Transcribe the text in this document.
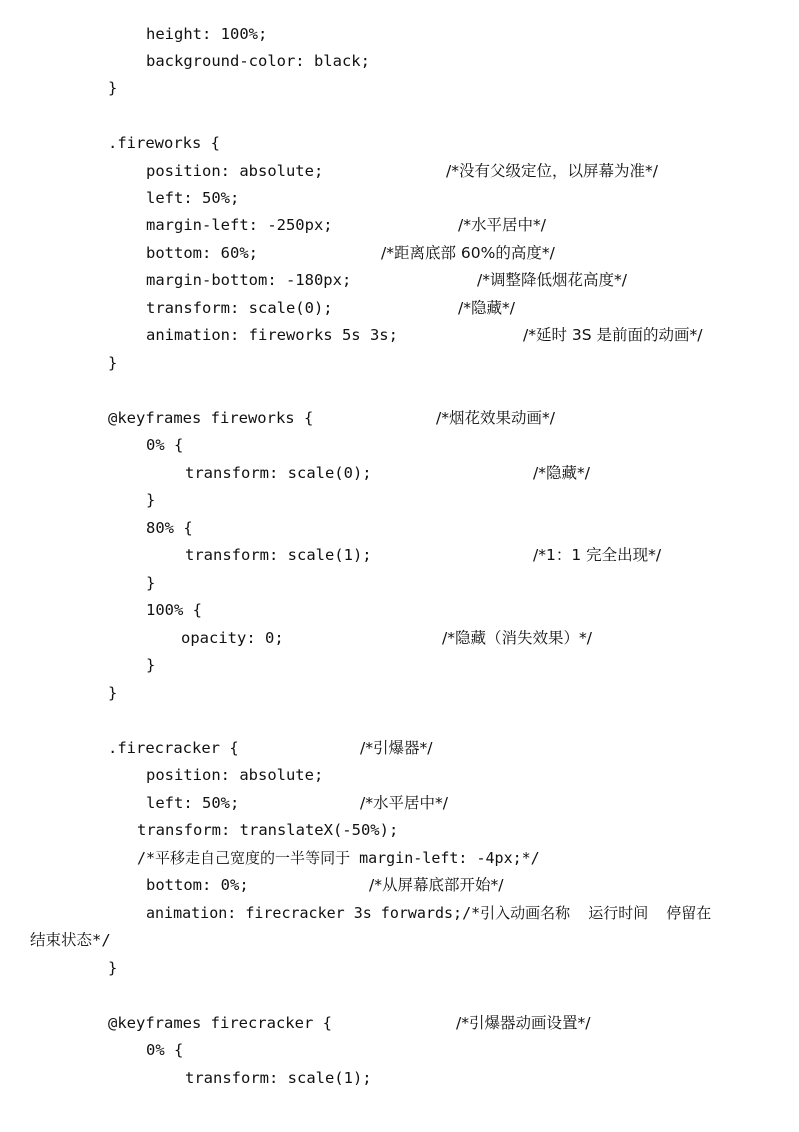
height: 100%;
background-color: black;
}
.fireworks {
position: absolute;	/*没有父级定位，以屏幕为准*/
left: 50%;
margin-left: -250px;	/*水平居中*/
bottom: 60%;	/*距离底部 60%的高度*/
margin-bottom: -180px;	/*调整降低烟花高度*/
transform: scale(0);	/*隐藏*/
animation: fireworks 5s 3s;	/*延时 3S 是前面的动画*/
}
@keyframes fireworks {	/*烟花效果动画*/
0% {
transform: scale(0);	/*隐藏*/
}
80% {
transform: scale(1);	/*1：1 完全出现*/
}
100% {
opacity: 0;	/*隐藏（消失效果）*/
}
}
.firecracker {	/*引爆器*/
position: absolute;
left: 50%;	/*水平居中*/
transform: translateX(-50%);
/*平移走自己宽度的一半等同于 margin-left: -4px;*/
bottom: 0%;	/*从屏幕底部开始*/
animation: firecracker 3s forwards;/*引入动画名称  运行时间  停留在
结束状态*/
}
@keyframes firecracker {	/*引爆器动画设置*/
0% {
transform: scale(1);
